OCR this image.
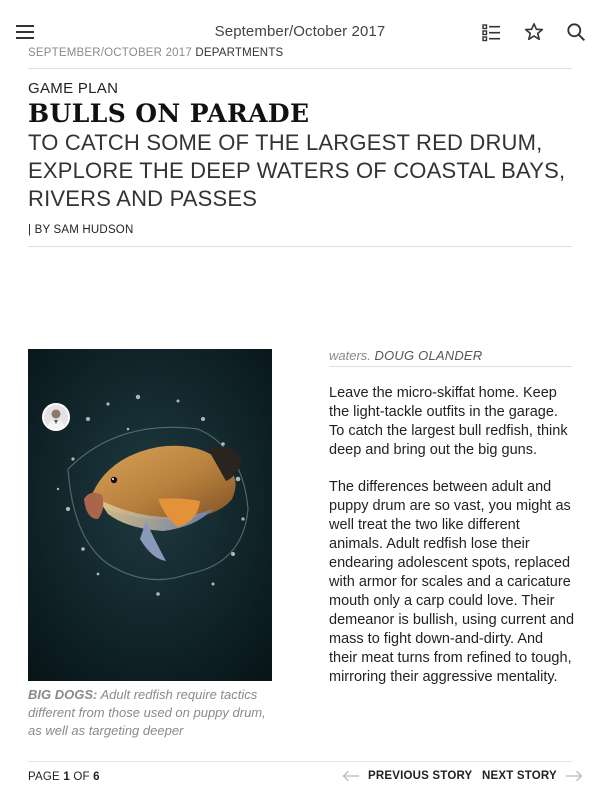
September/October 2017
SEPTEMBER/OCTOBER 2017 DEPARTMENTS
GAME PLAN
BULLS ON PARADE
TO CATCH SOME OF THE LARGEST RED DRUM, EXPLORE THE DEEP WATERS OF COASTAL BAYS, RIVERS AND PASSES
| BY SAM HUDSON

BIG DOGS: Adult redfish require tactics different from those used on puppy drum, as well as targeting deeper

waters. DOUG OLANDER

Leave the micro-skiffat home. Keep the light-tackle outfits in the garage. To catch the largest bull redfish, think deep and bring out the big guns.

The differences between adult and puppy drum are so vast, you might as well treat the two like different animals. Adult redfish lose their endearing adolescent spots, replaced with armor for scales and a caricature mouth only a carp could love. Their demeanor is bullish, using current and mass to fight down-and-dirty. And their meat turns from refined to tough, mirroring their aggressive mentality.

PAGE 1 OF 6	PREVIOUS STORY NEXT STORY
